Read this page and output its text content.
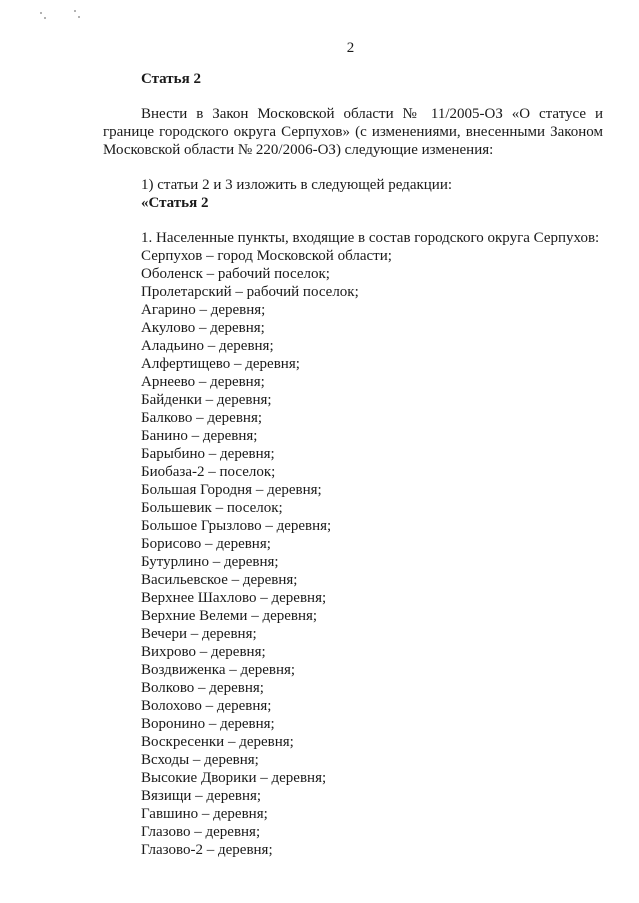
2

Статья 2

Внести в Закон Московской области № 11/2005-ОЗ «О статусе и границе городского округа Серпухов» (с изменениями, внесенными Законом Московской области № 220/2006-ОЗ) следующие изменения:

1) статьи 2 и 3 изложить в следующей редакции:
«Статья 2
1. Населенные пункты, входящие в состав городского округа Серпухов:
Серпухов – город Московской области;
Оболенск – рабочий поселок;
Пролетарский – рабочий поселок;
Агарино – деревня;
Акулово – деревня;
Аладьино – деревня;
Алфертищево – деревня;
Арнеево – деревня;
Байденки – деревня;
Балково – деревня;
Банино – деревня;
Барыбино – деревня;
Биобаза-2 – поселок;
Большая Городня – деревня;
Большевик – поселок;
Большое Грызлово – деревня;
Борисово – деревня;
Бутурлино – деревня;
Васильевское – деревня;
Верхнее Шахлово – деревня;
Верхние Велеми – деревня;
Вечери – деревня;
Вихрово – деревня;
Воздвиженка – деревня;
Волково – деревня;
Волохово – деревня;
Воронино – деревня;
Воскресенки – деревня;
Всходы – деревня;
Высокие Дворики – деревня;
Вязищи – деревня;
Гавшино – деревня;
Глазово – деревня;
Глазово-2 – деревня;
